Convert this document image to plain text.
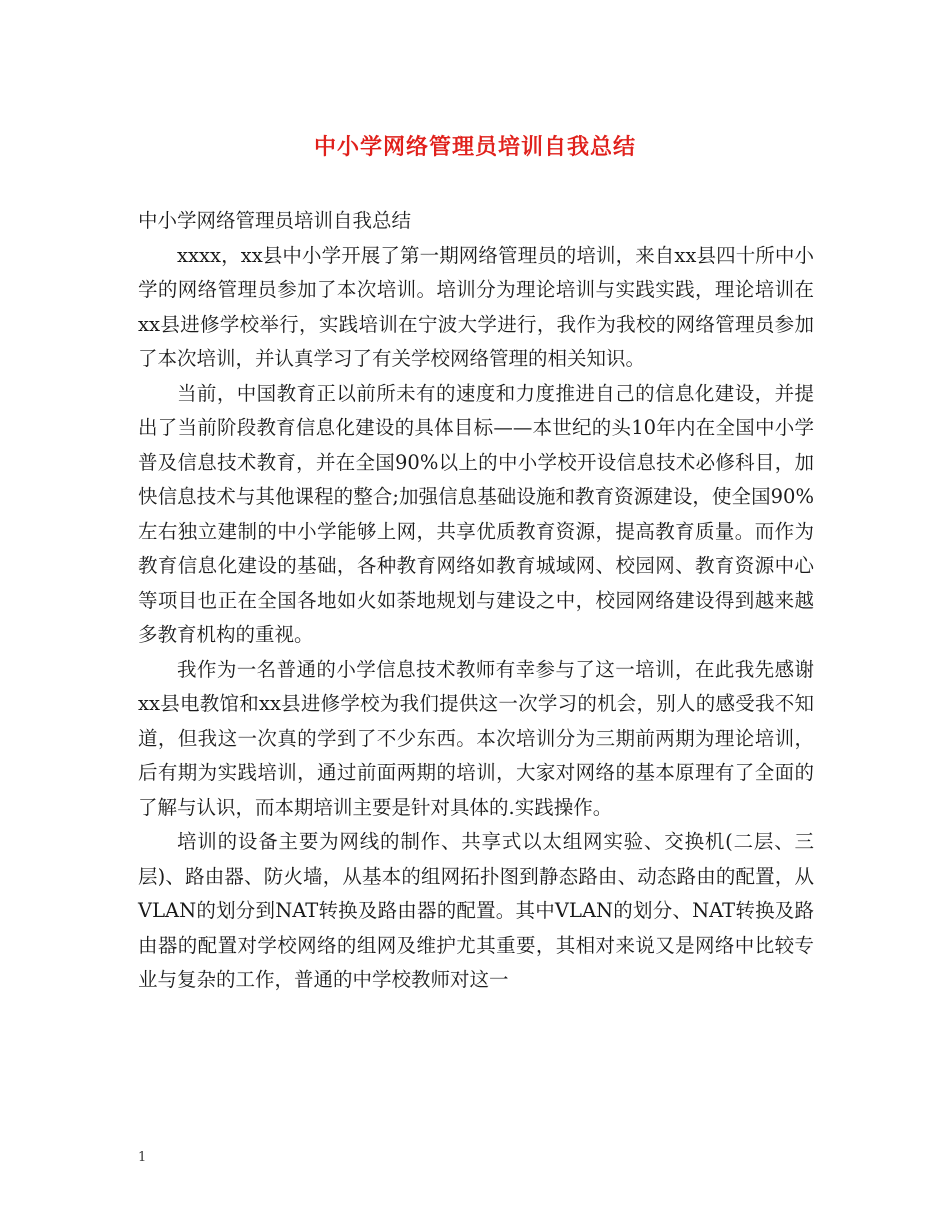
中小学网络管理员培训自我总结

中小学网络管理员培训自我总结

xxxx，xx县中小学开展了第一期网络管理员的培训，来自xx县四十所中小学的网络管理员参加了本次培训。培训分为理论培训与实践实践，理论培训在xx县进修学校举行，实践培训在宁波大学进行，我作为我校的网络管理员参加了本次培训，并认真学习了有关学校网络管理的相关知识。

当前，中国教育正以前所未有的速度和力度推进自己的信息化建设，并提出了当前阶段教育信息化建设的具体目标——本世纪的头10年内在全国中小学普及信息技术教育，并在全国90%以上的中小学校开设信息技术必修科目，加快信息技术与其他课程的整合;加强信息基础设施和教育资源建设，使全国90%左右独立建制的中小学能够上网，共享优质教育资源，提高教育质量。而作为教育信息化建设的基础，各种教育网络如教育城域网、校园网、教育资源中心等项目也正在全国各地如火如荼地规划与建设之中，校园网络建设得到越来越多教育机构的重视。

我作为一名普通的小学信息技术教师有幸参与了这一培训，在此我先感谢xx县电教馆和xx县进修学校为我们提供这一次学习的机会，别人的感受我不知道，但我这一次真的学到了不少东西。本次培训分为三期前两期为理论培训，后有期为实践培训，通过前面两期的培训，大家对网络的基本原理有了全面的了解与认识，而本期培训主要是针对具体的.实践操作。

培训的设备主要为网线的制作、共享式以太组网实验、交换机(二层、三层)、路由器、防火墙，从基本的组网拓扑图到静态路由、动态路由的配置，从VLAN的划分到NAT转换及路由器的配置。其中VLAN的划分、NAT转换及路由器的配置对学校网络的组网及维护尤其重要，其相对来说又是网络中比较专业与复杂的工作，普通的中学校教师对这一

1
